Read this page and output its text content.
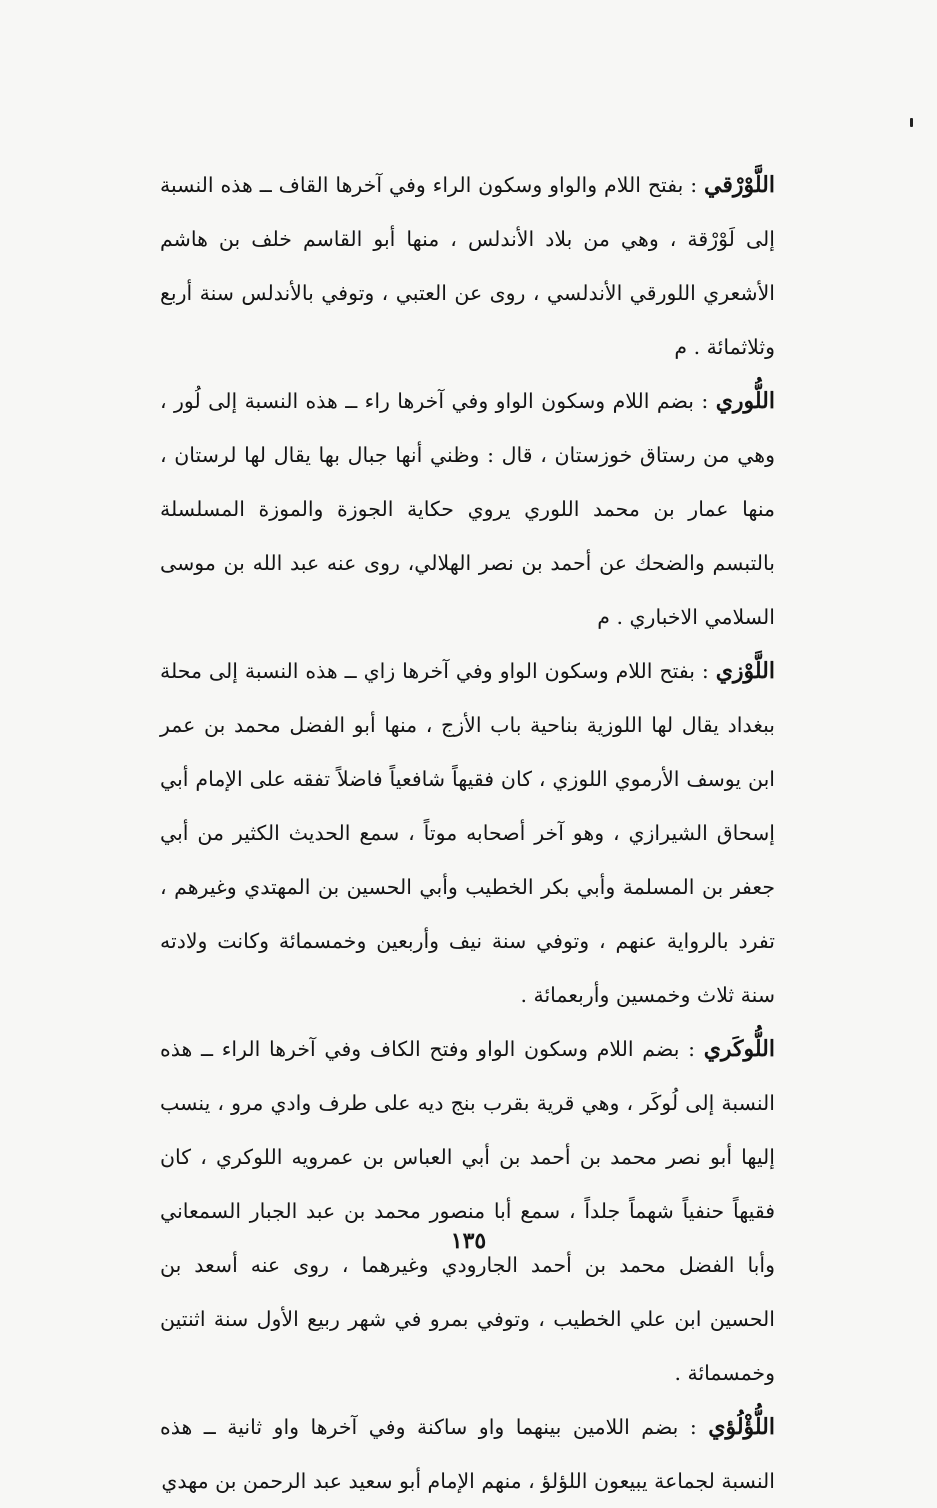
اللَّوْرْقي : بفتح اللام والواو وسكون الراء وفي آخرها القاف ــ هذه النسبة إلى لَوْرْقة ، وهي من بلاد الأندلس ، منها أبو القاسم خلف بن هاشم الأشعري اللورقي الأندلسي ، روى عن العتبي ، وتوفي بالأندلس سنة أربع وثلاثمائة . م

اللُّوري : بضم اللام وسكون الواو وفي آخرها راء ــ هذه النسبة إلى لُور ، وهي من رستاق خوزستان ، قال : وظني أنها جبال بها يقال لها لرستان ، منها عمار بن محمد اللوري يروي حكاية الجوزة والموزة المسلسلة بالتبسم والضحك عن أحمد بن نصر الهلالي، روى عنه عبد الله بن موسى السلامي الاخباري . م

اللَّوْزي : بفتح اللام وسكون الواو وفي آخرها زاي ــ هذه النسبة إلى محلة ببغداد يقال لها اللوزية بناحية باب الأزج ، منها أبو الفضل محمد بن عمر ابن يوسف الأرموي اللوزي ، كان فقيهاً شافعياً فاضلاً تفقه على الإمام أبي إسحاق الشيرازي ، وهو آخر أصحابه موتاً ، سمع الحديث الكثير من أبي جعفر بن المسلمة وأبي بكر الخطيب وأبي الحسين بن المهتدي وغيرهم ، تفرد بالرواية عنهم ، وتوفي سنة نيف وأربعين وخمسمائة وكانت ولادته سنة ثلاث وخمسين وأربعمائة .

اللُّوكَري : بضم اللام وسكون الواو وفتح الكاف وفي آخرها الراء ــ هذه النسبة إلى لُوكَر ، وهي قرية بقرب بنج ديه على طرف وادي مرو ، ينسب إليها أبو نصر محمد بن أحمد بن أبي العباس بن عمرويه اللوكري ، كان فقيهاً حنفياً شهماً جلداً ، سمع أبا منصور محمد بن عبد الجبار السمعاني وأبا الفضل محمد بن أحمد الجارودي وغيرهما ، روى عنه أسعد بن الحسين ابن علي الخطيب ، وتوفي بمرو في شهر ربيع الأول سنة اثنتين وخمسمائة .

اللُّؤْلُؤي : بضم اللامين بينهما واو ساكنة وفي آخرها واو ثانية ــ هذه النسبة لجماعة يبيعون اللؤلؤ ، منهم الإمام أبو سعيد عبد الرحمن بن مهدي

١٣٥
